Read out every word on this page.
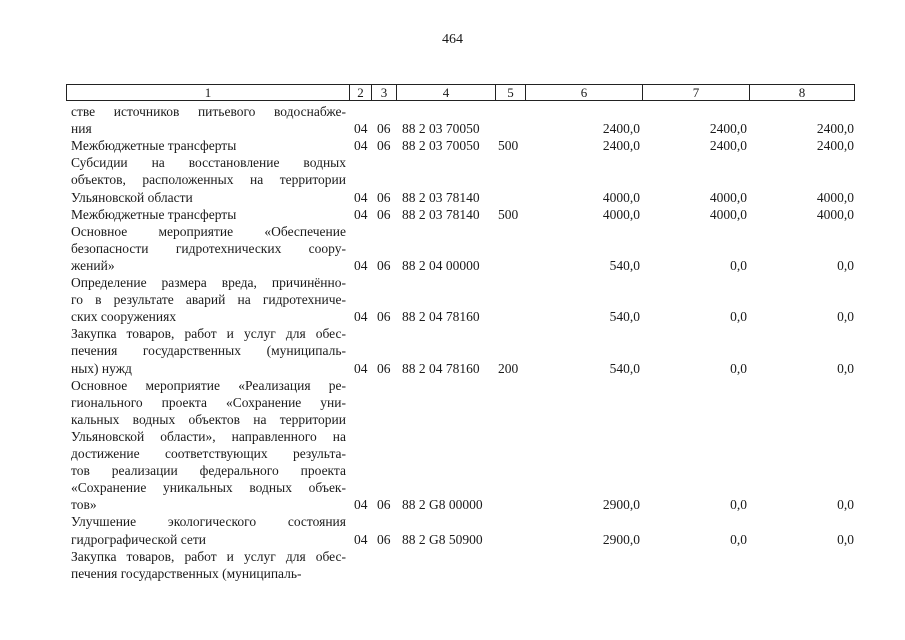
464
1	2	3	4	5	6	7	8
стве источников питьевого водоснабже-
ния	04 06 88 2 03 70050	2400,0	2400,0	2400,0
Межбюджетные трансферты	04 06 88 2 03 70050 500	2400,0	2400,0	2400,0
Субсидии на восстановление водных
объектов, расположенных на территории
Ульяновской области	04 06 88 2 03 78140	4000,0	4000,0	4000,0
Межбюджетные трансферты	04 06 88 2 03 78140 500	4000,0	4000,0	4000,0
Основное мероприятие «Обеспечение
безопасности гидротехнических соору-
жений»	04 06 88 2 04 00000	540,0	0,0	0,0
Определение размера вреда, причинённо-
го в результате аварий на гидротехниче-
ских сооружениях	04 06 88 2 04 78160	540,0	0,0	0,0
Закупка товаров, работ и услуг для обес-
печения государственных (муниципаль-
ных) нужд	04 06 88 2 04 78160 200	540,0	0,0	0,0
Основное мероприятие «Реализация ре-
гионального проекта «Сохранение уни-
кальных водных объектов на территории
Ульяновской области», направленного на
достижение соответствующих результа-
тов реализации федерального проекта
«Сохранение уникальных водных объек-
тов»	04 06 88 2 G8 00000	2900,0	0,0	0,0
Улучшение экологического состояния
гидрографической сети	04 06 88 2 G8 50900	2900,0	0,0	0,0
Закупка товаров, работ и услуг для обес-
печения государственных (муниципаль-
